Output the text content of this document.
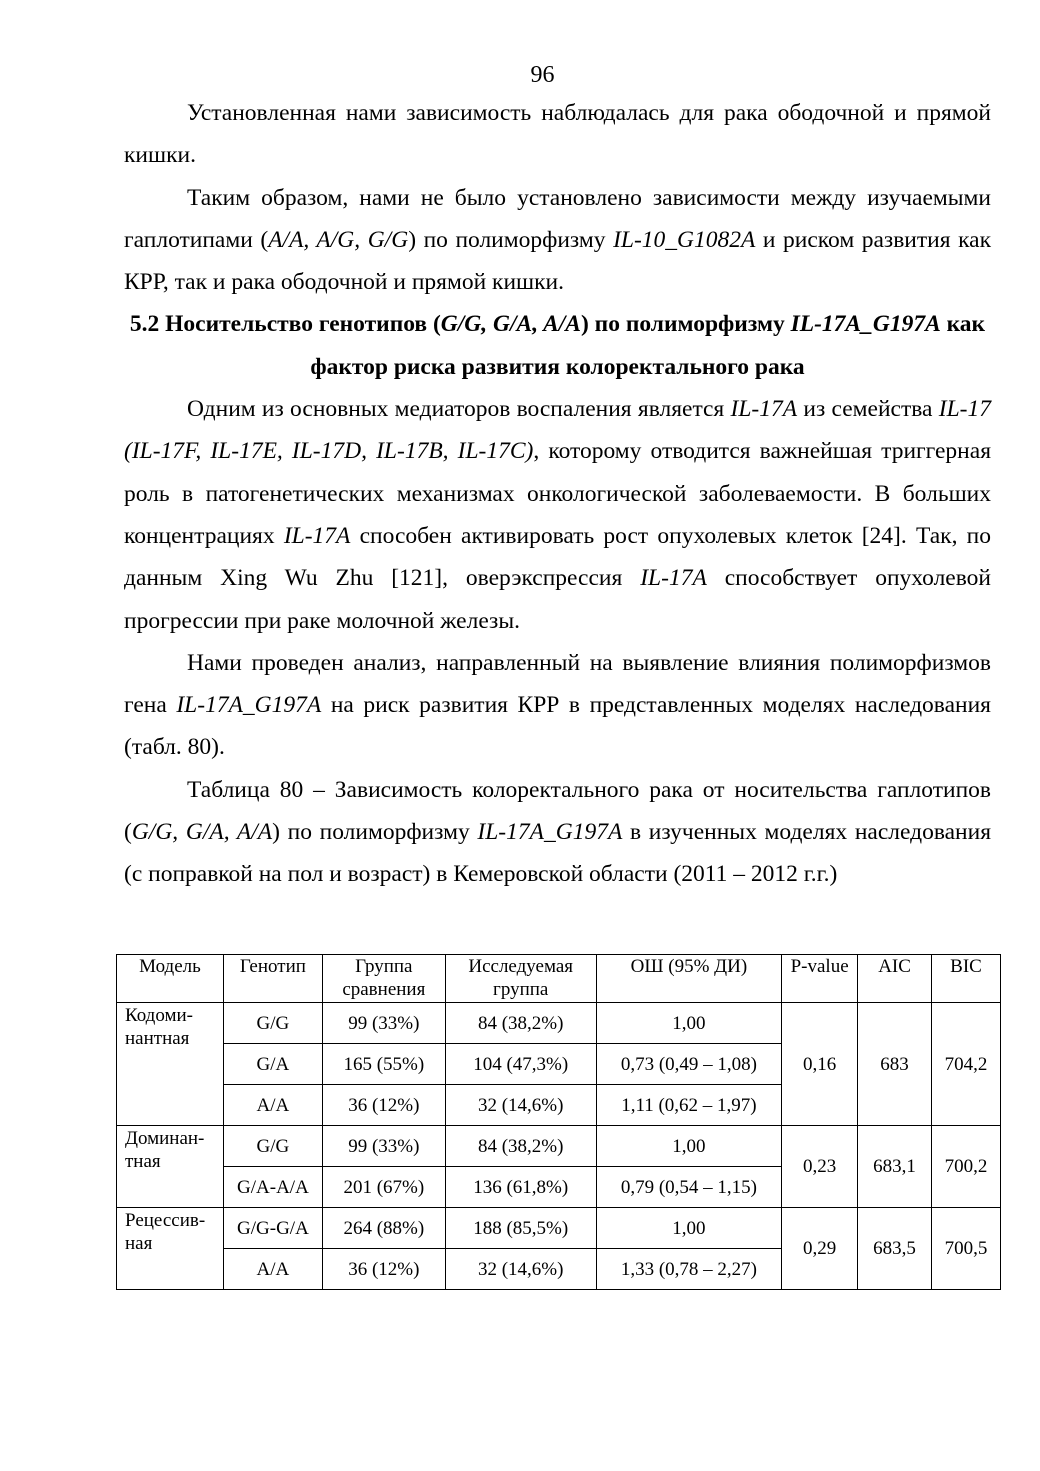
96

Установленная нами зависимость наблюдалась для рака ободочной и прямой кишки.

Таким образом, нами не было установлено зависимости между изучаемыми гаплотипами (A/A, A/G, G/G) по полиморфизму IL-10_G1082A и риском развития как КРР, так и рака ободочной и прямой кишки.

5.2 Носительство генотипов (G/G, G/A, A/A) по полиморфизму IL-17A_G197A как фактор риска развития колоректального рака

Одним из основных медиаторов воспаления является IL-17A из семейства IL-17 (IL-17F, IL-17E, IL-17D, IL-17B, IL-17C), которому отводится важнейшая триггерная роль в патогенетических механизмах онкологической заболеваемости. В больших концентрациях IL-17A способен активировать рост опухолевых клеток [24]. Так, по данным Xing Wu Zhu [121], оверэкспрессия IL-17A способствует опухолевой прогрессии при раке молочной железы.

Нами проведен анализ, направленный на выявление влияния полиморфизмов гена IL-17A_G197A на риск развития КРР в представленных моделях наследования (табл. 80).

Таблица 80 – Зависимость колоректального рака от носительства гаплотипов (G/G, G/A, A/A) по полиморфизму IL-17A_G197A в изученных моделях наследования (с поправкой на пол и возраст) в Кемеровской области (2011 – 2012 г.г.)

Модель	Генотип	Группа сравнения	Исследуемая группа	ОШ (95% ДИ)	P-value	AIC	BIC
Кодоми-нантная	G/G	99 (33%)	84 (38,2%)	1,00	0,16	683	704,2
	G/A	165 (55%)	104 (47,3%)	0,73 (0,49 – 1,08)			
	A/A	36 (12%)	32 (14,6%)	1,11 (0,62 – 1,97)			
Доминан-тная	G/G	99 (33%)	84 (38,2%)	1,00	0,23	683,1	700,2
	G/A-A/A	201 (67%)	136 (61,8%)	0,79 (0,54 – 1,15)			
Рецессив-ная	G/G-G/A	264 (88%)	188 (85,5%)	1,00	0,29	683,5	700,5
	A/A	36 (12%)	32 (14,6%)	1,33 (0,78 – 2,27)			
